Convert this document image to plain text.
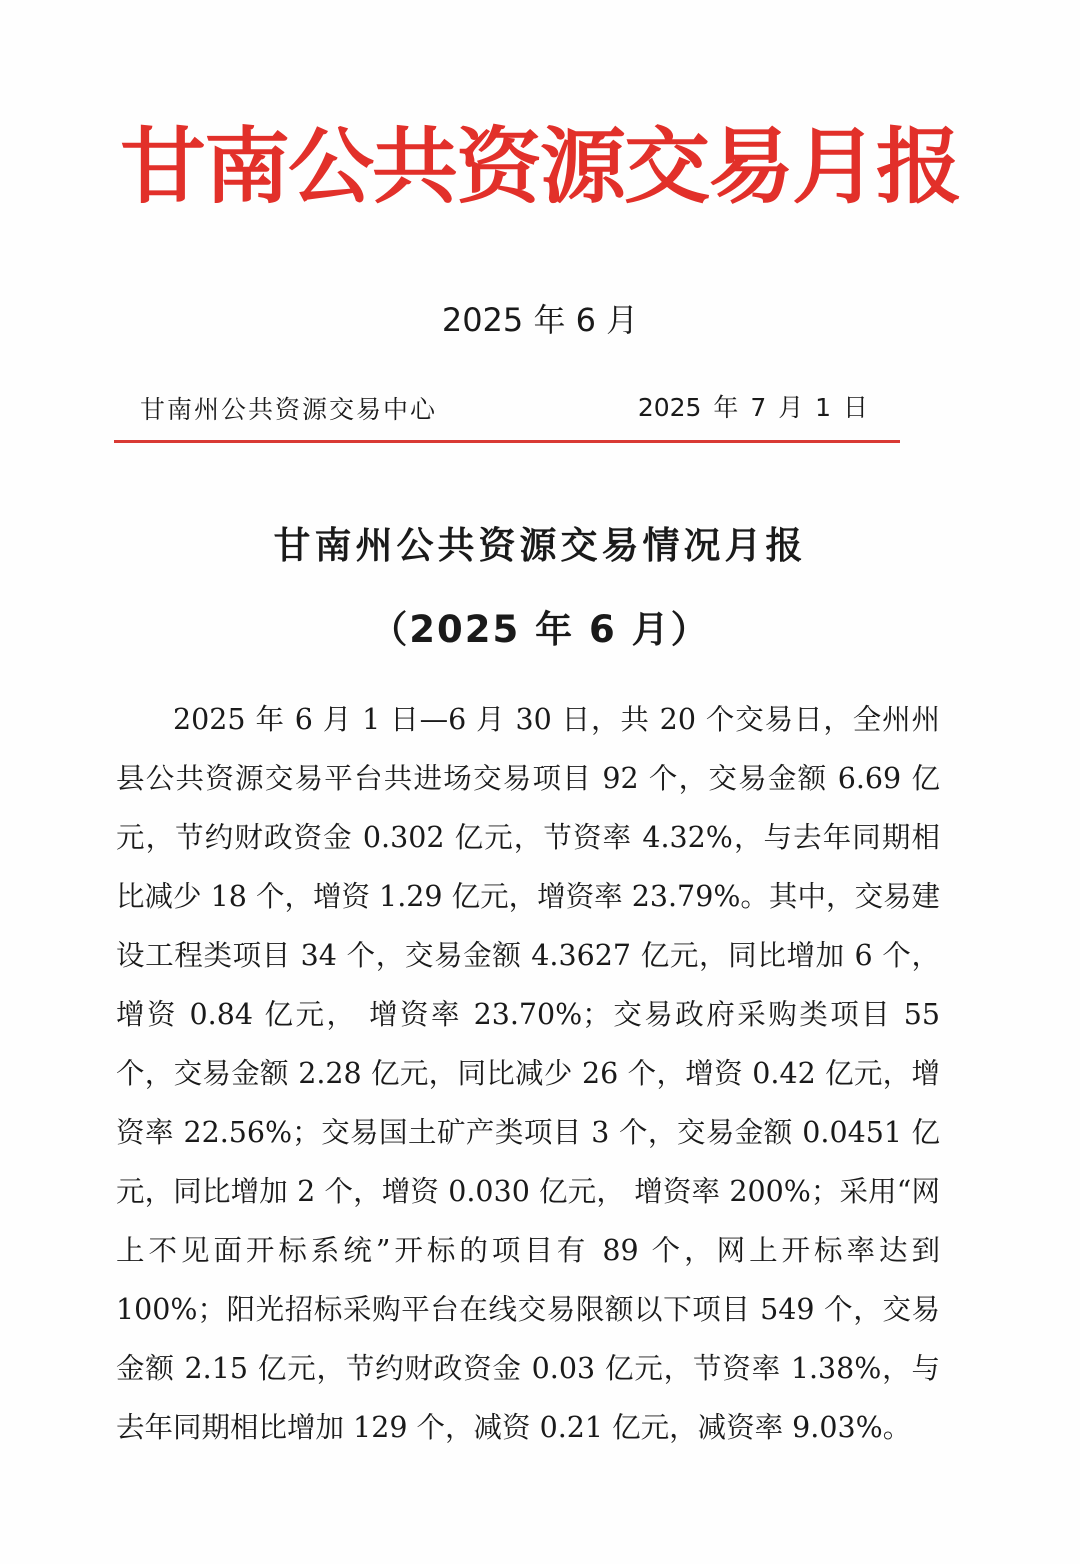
甘南公共资源交易月报
2025 年 6 月
甘南州公共资源交易中心	2025 年 7 月 1 日
甘南州公共资源交易情况月报
（2025 年 6 月）

2025 年 6 月 1 日—6 月 30 日，共 20 个交易日，全州州县公共资源交易平台共进场交易项目 92 个，交易金额 6.69 亿元，节约财政资金 0.302 亿元，节资率 4.32%，与去年同期相比减少 18 个，增资 1.29 亿元，增资率 23.79%。其中，交易建设工程类项目 34 个，交易金额 4.3627 亿元，同比增加 6 个，增资 0.84 亿元， 增资率 23.70%；交易政府采购类项目 55 个，交易金额 2.28 亿元，同比减少 26 个，增资 0.42 亿元，增资率 22.56%；交易国土矿产类项目 3 个，交易金额 0.0451 亿元，同比增加 2 个，增资 0.030 亿元， 增资率 200%；采用“网上不见面开标系统”开标的项目有 89 个，网上开标率达到 100%；阳光招标采购平台在线交易限额以下项目 549 个，交易金额 2.15 亿元，节约财政资金 0.03 亿元，节资率 1.38%，与去年同期相比增加 129 个，减资 0.21 亿元，减资率 9.03%。
